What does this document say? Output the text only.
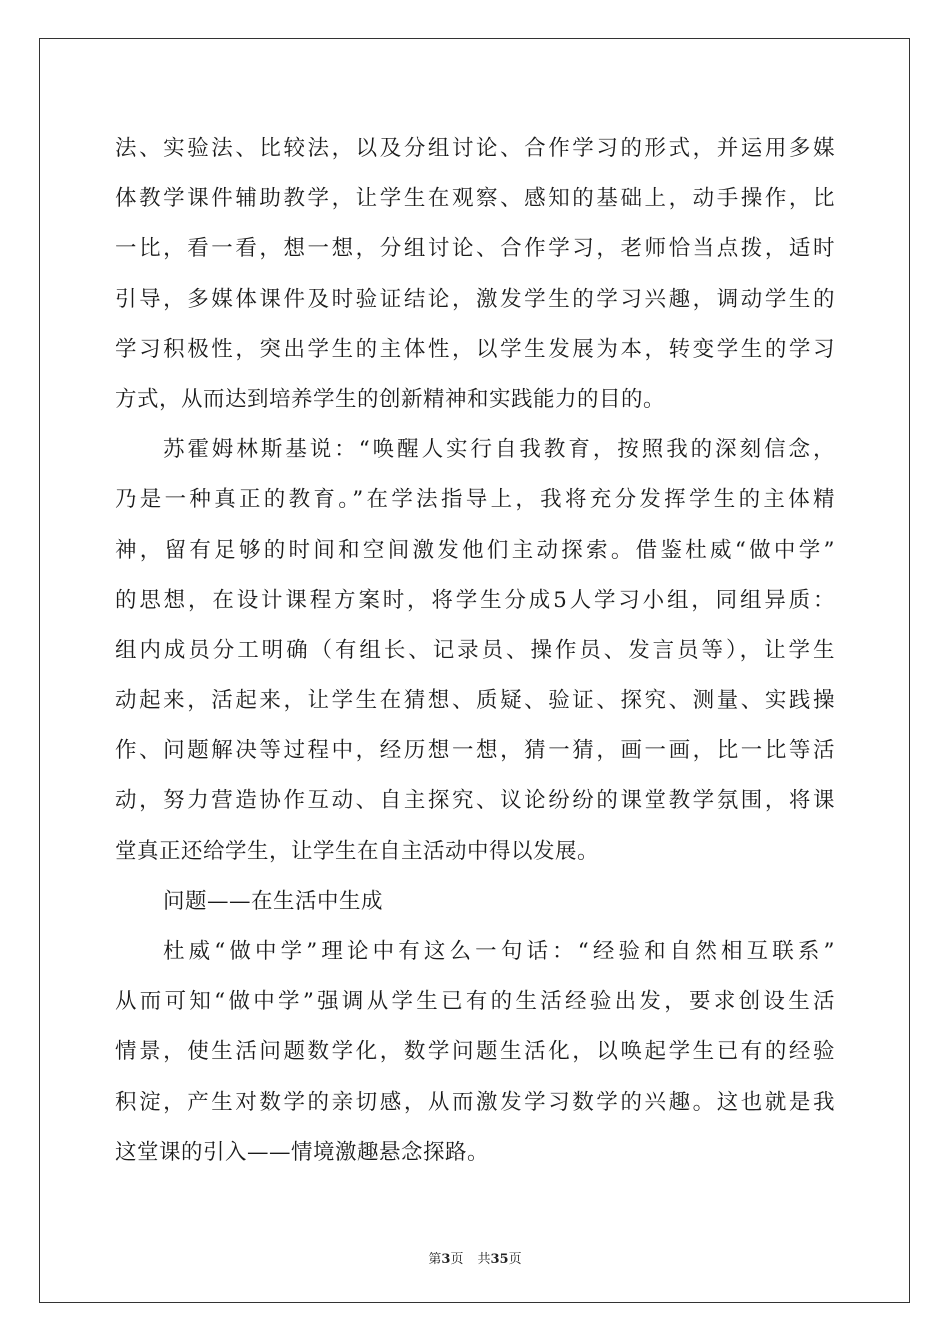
法、实验法、比较法，以及分组讨论、合作学习的形式，并运用多媒
体教学课件辅助教学，让学生在观察、感知的基础上，动手操作，比
一比，看一看，想一想，分组讨论、合作学习，老师恰当点拨，适时
引导，多媒体课件及时验证结论，激发学生的学习兴趣，调动学生的
学习积极性，突出学生的主体性，以学生发展为本，转变学生的学习
方式，从而达到培养学生的创新精神和实践能力的目的。
苏霍姆林斯基说：“唤醒人实行自我教育，按照我的深刻信念，
乃是一种真正的教育。”在学法指导上，我将充分发挥学生的主体精
神，留有足够的时间和空间激发他们主动探索。借鉴杜威“做中学”
的思想，在设计课程方案时，将学生分成5人学习小组，同组异质：
组内成员分工明确（有组长、记录员、操作员、发言员等），让学生
动起来，活起来，让学生在猜想、质疑、验证、探究、测量、实践操
作、问题解决等过程中，经历想一想，猜一猜，画一画，比一比等活
动，努力营造协作互动、自主探究、议论纷纷的课堂教学氛围，将课
堂真正还给学生，让学生在自主活动中得以发展。
问题——在生活中生成
杜威“做中学”理论中有这么一句话：“经验和自然相互联系”
从而可知“做中学”强调从学生已有的生活经验出发，要求创设生活
情景，使生活问题数学化，数学问题生活化，以唤起学生已有的经验
积淀，产生对数学的亲切感，从而激发学习数学的兴趣。这也就是我
这堂课的引入——情境激趣悬念探路。
第3页 共35页
